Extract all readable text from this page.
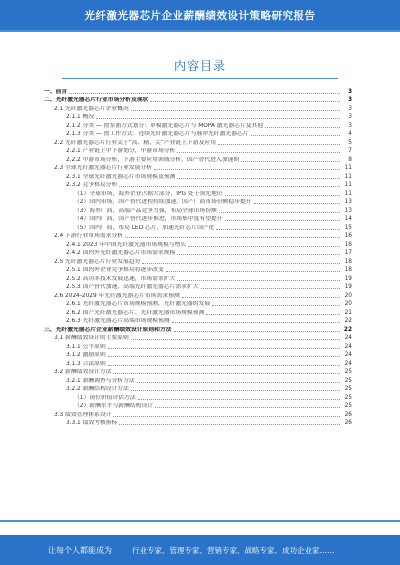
光纤激光器芯片企业薪酬绩效设计策略研究报告
内容目录
一、前言	3
二、光纤激光器芯片行业市场分析及现状	3
2.1 光纤激光器芯片企业概况	3
2.1.1 概况	3
2.1.2 分类 — 按泵浦方式划分：单模激光器芯片与 MOPA 激光器芯片及其他	3
2.1.3 分类 — 按工作方式：连续光纤激光器芯片与脉冲光纤激光器芯片	4
2.2 光纤激光器芯片行业关于“高、精、尖”产业链上下游及应用	5
2.2.1 产业链上中下游划分，中游市场分析	7
2.2.2 中游市场分析，下游主要应用领域分析，国产替代进入加速期	8
2.3 全球光纤激光器芯片行业发展分析	11
2.3.1 全球光纤激光器芯片市场规模及预测	11
2.3.2 竞争格局分析	11
（1）全球市场，海外企业占据大部分，IPG 处于领先地位	11
（2）国内市场，国产替代进程持续加速，国产厂商市场份额稳步提升	13
（3）海外厂商，高端产品竞争力强，布局全球市场份额	13
（4）国内厂商，国产替代逐步推进，市场集中度有望提升	14
（5）国内厂商，布局 LED 芯片，加速光纤芯片国产化	15
2.4 下游行业市场需求分析	16
2.4.1 2023 年中国光纤激光器市场规模与增长	16
2.4.2 国内外光纤激光器芯片市场需求规模	17
2.5 光纤激光器芯片行业发展趋势	18
2.5.1 国内外企业竞争格局将逐步改变	18
2.5.2 高功率技术发展迅速，市场需求扩大	19
2.5.3 国产替代加速，高端光纤激光器芯片需求扩大	19
2.6 2024-2029 年光纤激光器芯片市场需求预测	20
2.6.1 光纤激光器芯片市场规模预测，光纤激光器的发展	20
2.6.2 国产光纤激光器芯片、光纤激光器市场规模预测	21
2.6.3 光纤激光器芯片高端市场规模预测	22
三、光纤激光器芯片企业薪酬绩效设计原则和方法	22
3.1 薪酬绩效设计的主要原则	24
3.1.1 公平原则	24
3.1.2 激励原则	24
3.1.3 合法原则	24
3.2 薪酬绩效设计方法	25
3.2.1 薪酬调查与分析方法	25
3.2.2 薪酬结构设计方法	25
（1）岗位价值评估方法	25
（2）薪酬水平与薪酬结构设计	25
3.3 绩效管理体系设计	26
3.3.1 绩效考核指标	26
让每个人都能成为	行业专家、管理专家、营销专家、战略专家、成功企业家……
